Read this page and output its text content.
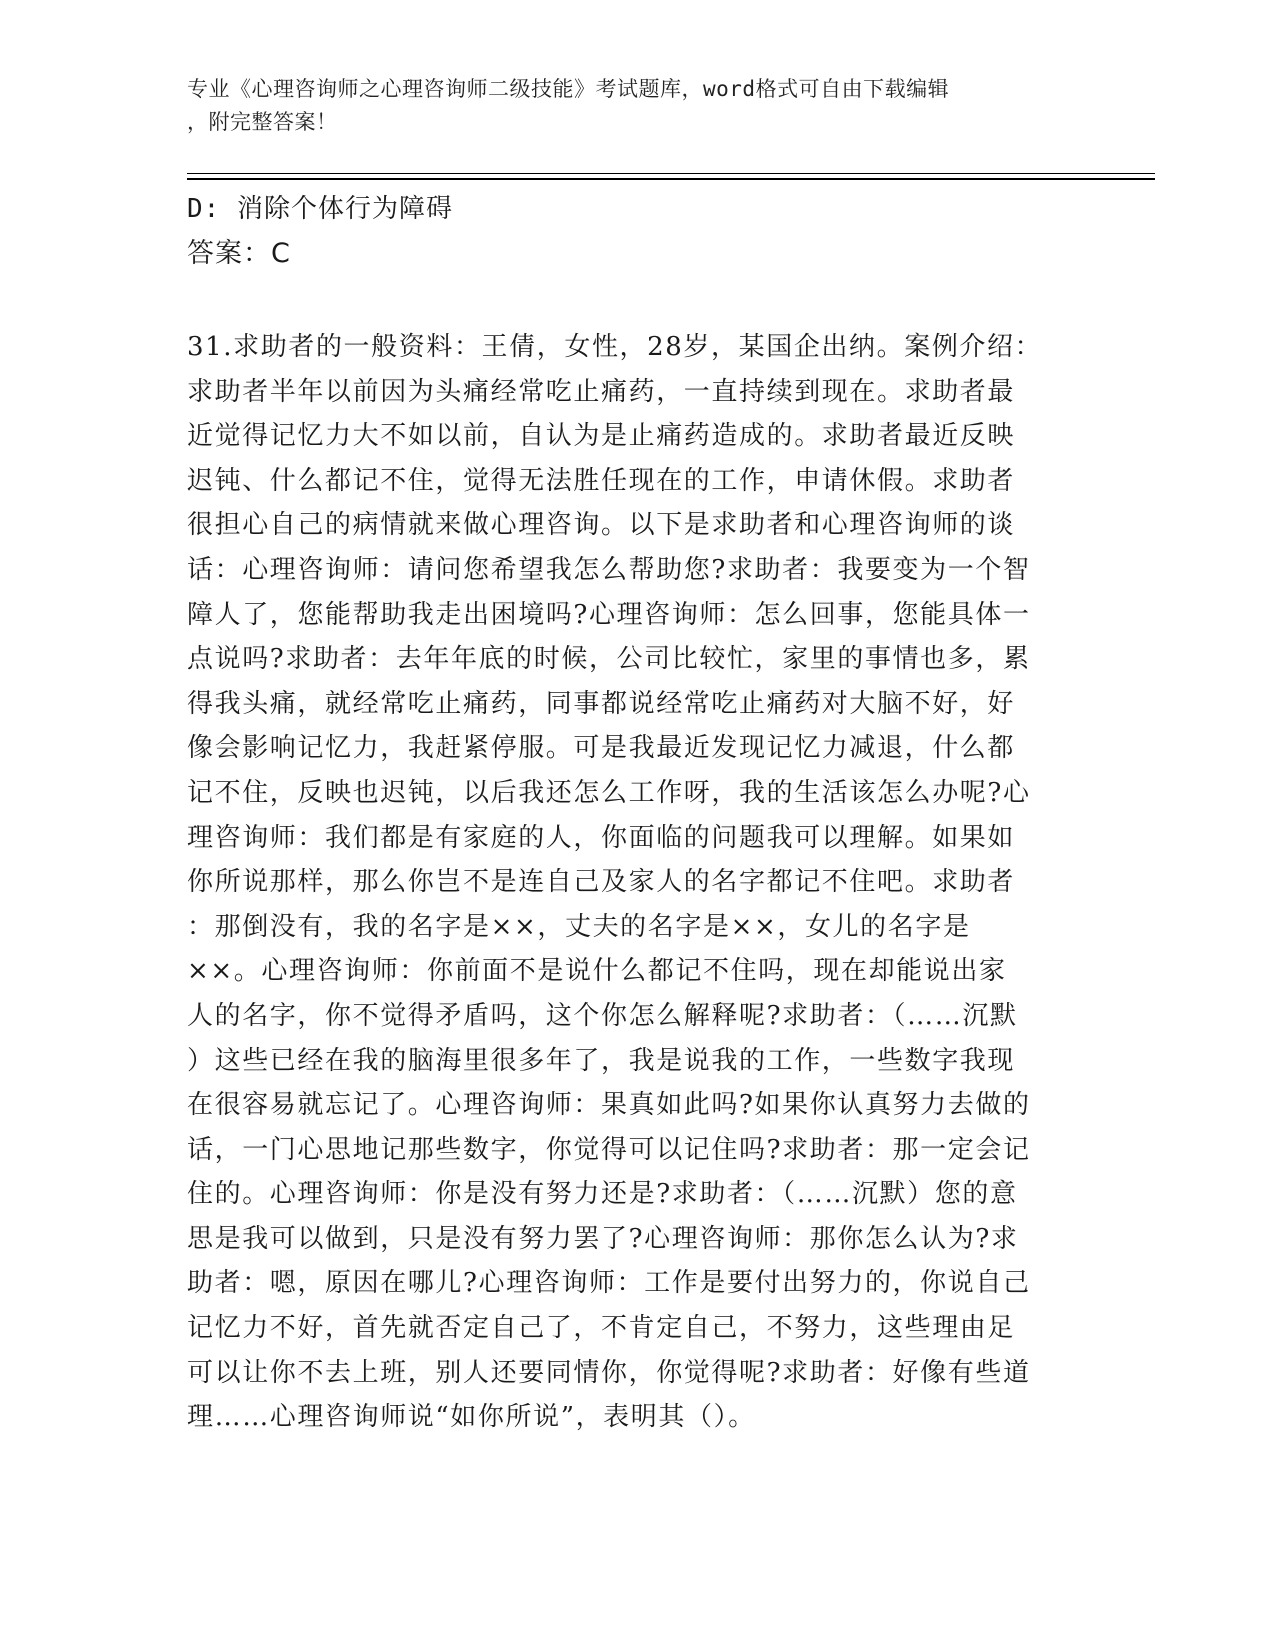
专业《心理咨询师之心理咨询师二级技能》考试题库，word格式可自由下载编辑
，附完整答案！
D: 消除个体行为障碍
答案：C
31.求助者的一般资料：王倩，女性，28岁，某国企出纳。案例介绍：
求助者半年以前因为头痛经常吃止痛药，一直持续到现在。求助者最
近觉得记忆力大不如以前，自认为是止痛药造成的。求助者最近反映
迟钝、什么都记不住，觉得无法胜任现在的工作，申请休假。求助者
很担心自己的病情就来做心理咨询。以下是求助者和心理咨询师的谈
话：心理咨询师：请问您希望我怎么帮助您?求助者：我要变为一个智
障人了，您能帮助我走出困境吗?心理咨询师：怎么回事，您能具体一
点说吗?求助者：去年年底的时候，公司比较忙，家里的事情也多，累
得我头痛，就经常吃止痛药，同事都说经常吃止痛药对大脑不好，好
像会影响记忆力，我赶紧停服。可是我最近发现记忆力减退，什么都
记不住，反映也迟钝，以后我还怎么工作呀，我的生活该怎么办呢?心
理咨询师：我们都是有家庭的人，你面临的问题我可以理解。如果如
你所说那样，那么你岂不是连自己及家人的名字都记不住吧。求助者
：那倒没有，我的名字是××，丈夫的名字是××，女儿的名字是
××。心理咨询师：你前面不是说什么都记不住吗，现在却能说出家
人的名字，你不觉得矛盾吗，这个你怎么解释呢?求助者：（……沉默
）这些已经在我的脑海里很多年了，我是说我的工作，一些数字我现
在很容易就忘记了。心理咨询师：果真如此吗?如果你认真努力去做的
话，一门心思地记那些数字，你觉得可以记住吗?求助者：那一定会记
住的。心理咨询师：你是没有努力还是?求助者：（……沉默）您的意
思是我可以做到，只是没有努力罢了?心理咨询师：那你怎么认为?求
助者：嗯，原因在哪儿?心理咨询师：工作是要付出努力的，你说自己
记忆力不好，首先就否定自己了，不肯定自己，不努力，这些理由足
可以让你不去上班，别人还要同情你，你觉得呢?求助者：好像有些道
理……心理咨询师说“如你所说”，表明其（）。
